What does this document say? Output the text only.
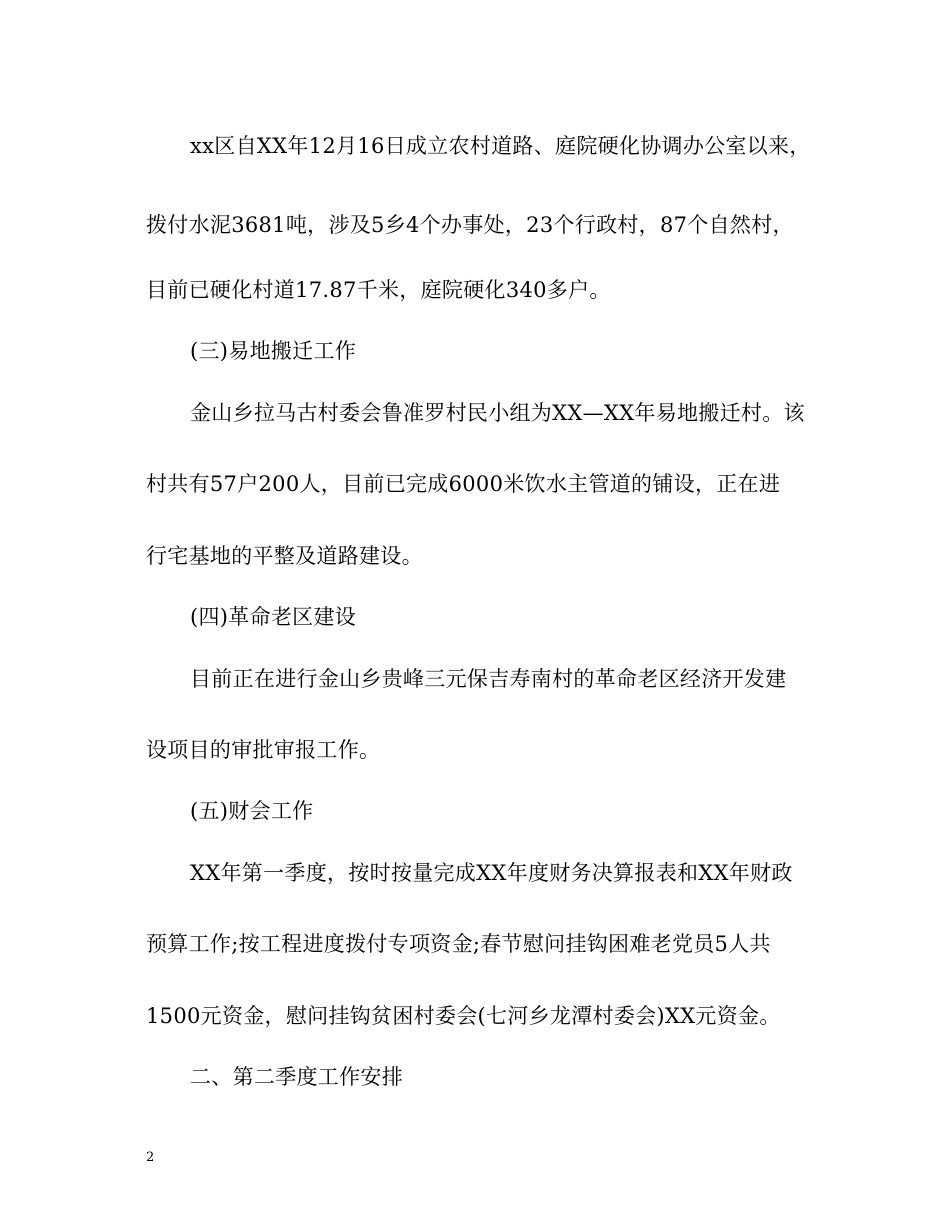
xx区自XX年12月16日成立农村道路、庭院硬化协调办公室以来，
拨付水泥3681吨，涉及5乡4个办事处，23个行政村，87个自然村，
目前已硬化村道17.87千米，庭院硬化340多户。
(三)易地搬迁工作
金山乡拉马古村委会鲁准罗村民小组为XX—XX年易地搬迁村。该
村共有57户200人，目前已完成6000米饮水主管道的铺设，正在进
行宅基地的平整及道路建设。
(四)革命老区建设
目前正在进行金山乡贵峰三元保吉寿南村的革命老区经济开发建
设项目的审批审报工作。
(五)财会工作
XX年第一季度，按时按量完成XX年度财务决算报表和XX年财政
预算工作;按工程进度拨付专项资金;春节慰问挂钩困难老党员5人共
1500元资金，慰问挂钩贫困村委会(七河乡龙潭村委会)XX元资金。
二、第二季度工作安排
2
